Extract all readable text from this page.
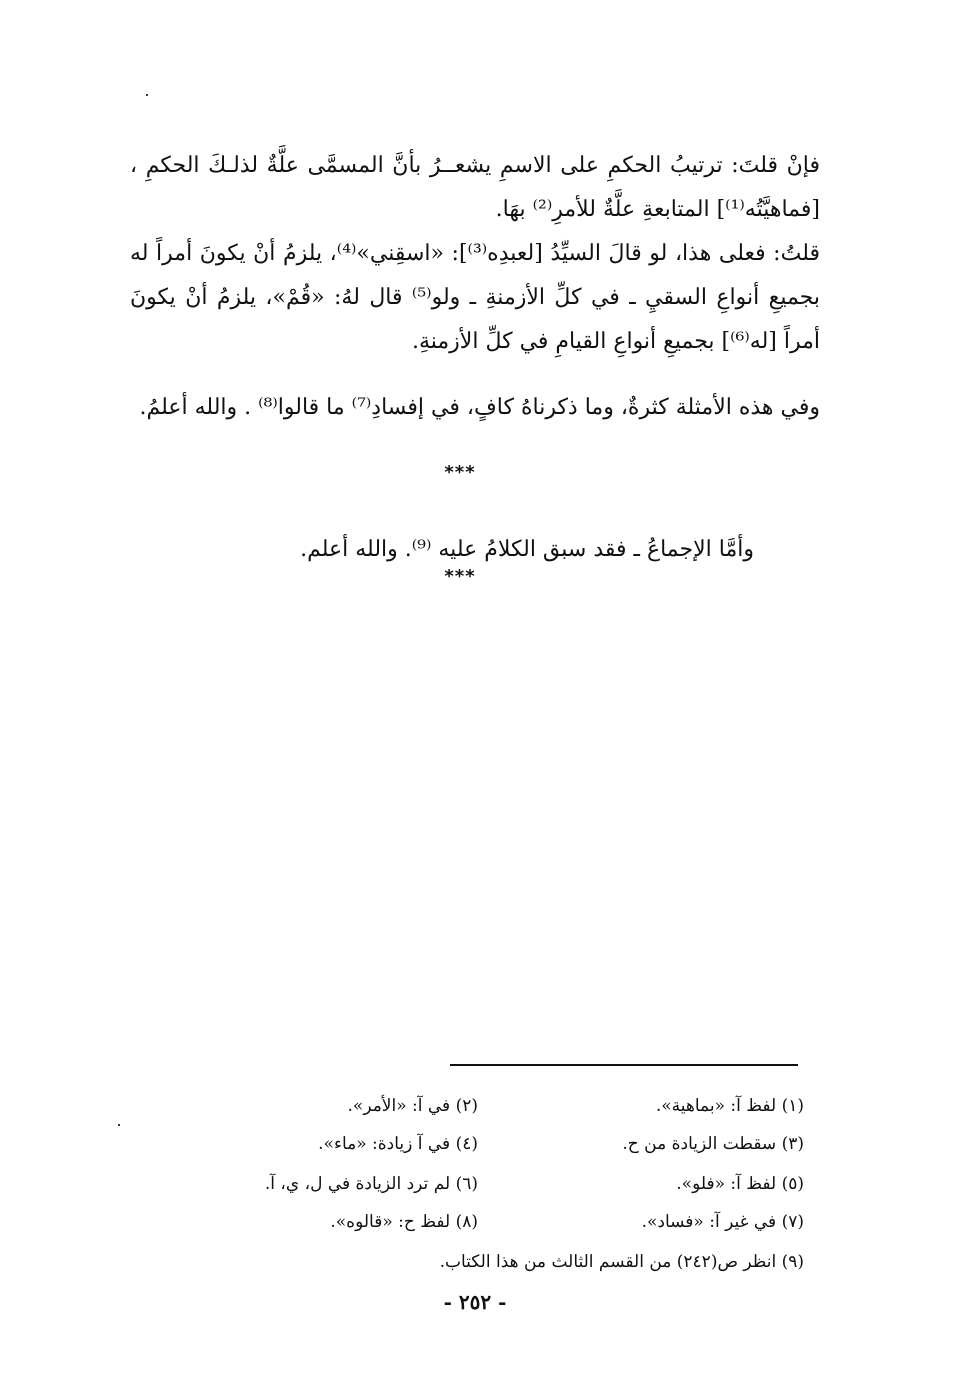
فإنْ قلتَ: ترتيبُ الحكمِ على الاسمِ يشعــرُ بأنَّ المسمَّى علَّةٌ لذلـكَ الحكمِ ، [فماهيَّتُه⁽¹⁾] المتابعةِ علَّةٌ للأمرِ⁽²⁾ بهَا.

قلتُ: فعلى هذا، لو قالَ السيِّدُ [لعبدِه⁽³⁾]: «اسقِني»⁽⁴⁾، يلزمُ أنْ يكونَ أمراً له بجميعِ أنواعِ السقيِ ـ في كلِّ الأزمنةِ ـ ولو⁽⁵⁾ قال لهُ: «قُمْ»، يلزمُ أنْ يكونَ أمراً [له⁽⁶⁾] بجميعِ أنواعِ القيامِ في كلِّ الأزمنةِ.

وفي هذه الأمثلة كثرةٌ، وما ذكرناهُ كافٍ، في إفسادِ⁽⁷⁾ ما قالوا⁽⁸⁾ . والله أعلمُ.

***

وأمَّا الإجماعُ ـ فقد سبق الكلامُ عليه ⁽⁹⁾. والله أعلم.

***
(١) لفظ آ: «بماهية».
(٢) في آ: «الأمر».
(٣) سقطت الزيادة من ح.
(٤) في آ زيادة: «ماء».
(٥) لفظ آ: «فلو».
(٦) لم ترد الزيادة في ل، ي، آ.
(٧) في غير آ: «فساد».
(٨) لفظ ح: «قالوه».
(٩) انظر ص(٢٤٢) من القسم الثالث من هذا الكتاب.
- ٢٥٢ -
